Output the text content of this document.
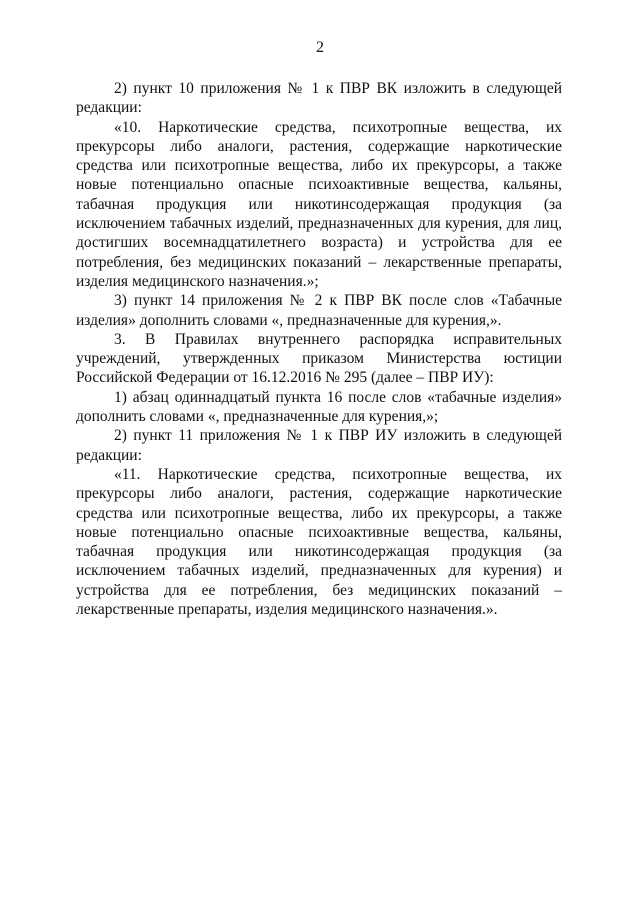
2

2) пункт 10 приложения № 1 к ПВР ВК изложить в следующей редакции:

«10. Наркотические средства, психотропные вещества, их прекурсоры либо аналоги, растения, содержащие наркотические средства или психотропные вещества, либо их прекурсоры, а также новые потенциально опасные психоактивные вещества, кальяны, табачная продукция или никотинсодержащая продукция (за исключением табачных изделий, предназначенных для курения, для лиц, достигших восемнадцатилетнего возраста) и устройства для ее потребления, без медицинских показаний – лекарственные препараты, изделия медицинского назначения.»;

3) пункт 14 приложения № 2 к ПВР ВК после слов «Табачные изделия» дополнить словами «, предназначенные для курения,».

3. В Правилах внутреннего распорядка исправительных учреждений, утвержденных приказом Министерства юстиции Российской Федерации от 16.12.2016 № 295 (далее – ПВР ИУ):

1) абзац одиннадцатый пункта 16 после слов «табачные изделия» дополнить словами «, предназначенные для курения,»;

2) пункт 11 приложения № 1 к ПВР ИУ изложить в следующей редакции:

«11. Наркотические средства, психотропные вещества, их прекурсоры либо аналоги, растения, содержащие наркотические средства или психотропные вещества, либо их прекурсоры, а также новые потенциально опасные психоактивные вещества, кальяны, табачная продукция или никотинсодержащая продукция (за исключением табачных изделий, предназначенных для курения) и устройства для ее потребления, без медицинских показаний – лекарственные препараты, изделия медицинского назначения.».
